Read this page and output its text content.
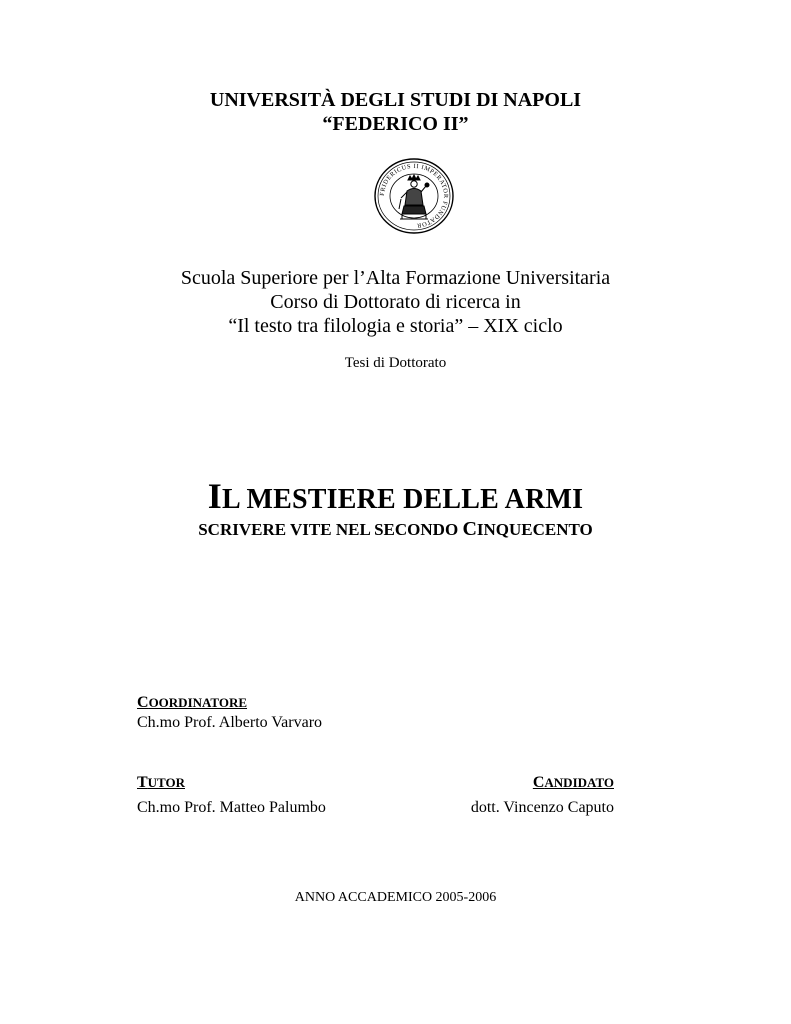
UNIVERSITÀ DEGLI STUDI DI NAPOLI
“FEDERICO II”
FRIDERICUS II IMPERATOR FUNDATOR
Scuola Superiore per l’Alta Formazione Universitaria
Corso di Dottorato di ricerca in
“Il testo tra filologia e storia” – XIX ciclo
Tesi di Dottorato
IL MESTIERE DELLE ARMI
SCRIVERE VITE NEL SECONDO CINQUECENTO
COORDINATORE
Ch.mo Prof. Alberto Varvaro
TUTOR
Ch.mo Prof. Matteo Palumbo
CANDIDATO
dott. Vincenzo Caputo
ANNO ACCADEMICO 2005-2006
